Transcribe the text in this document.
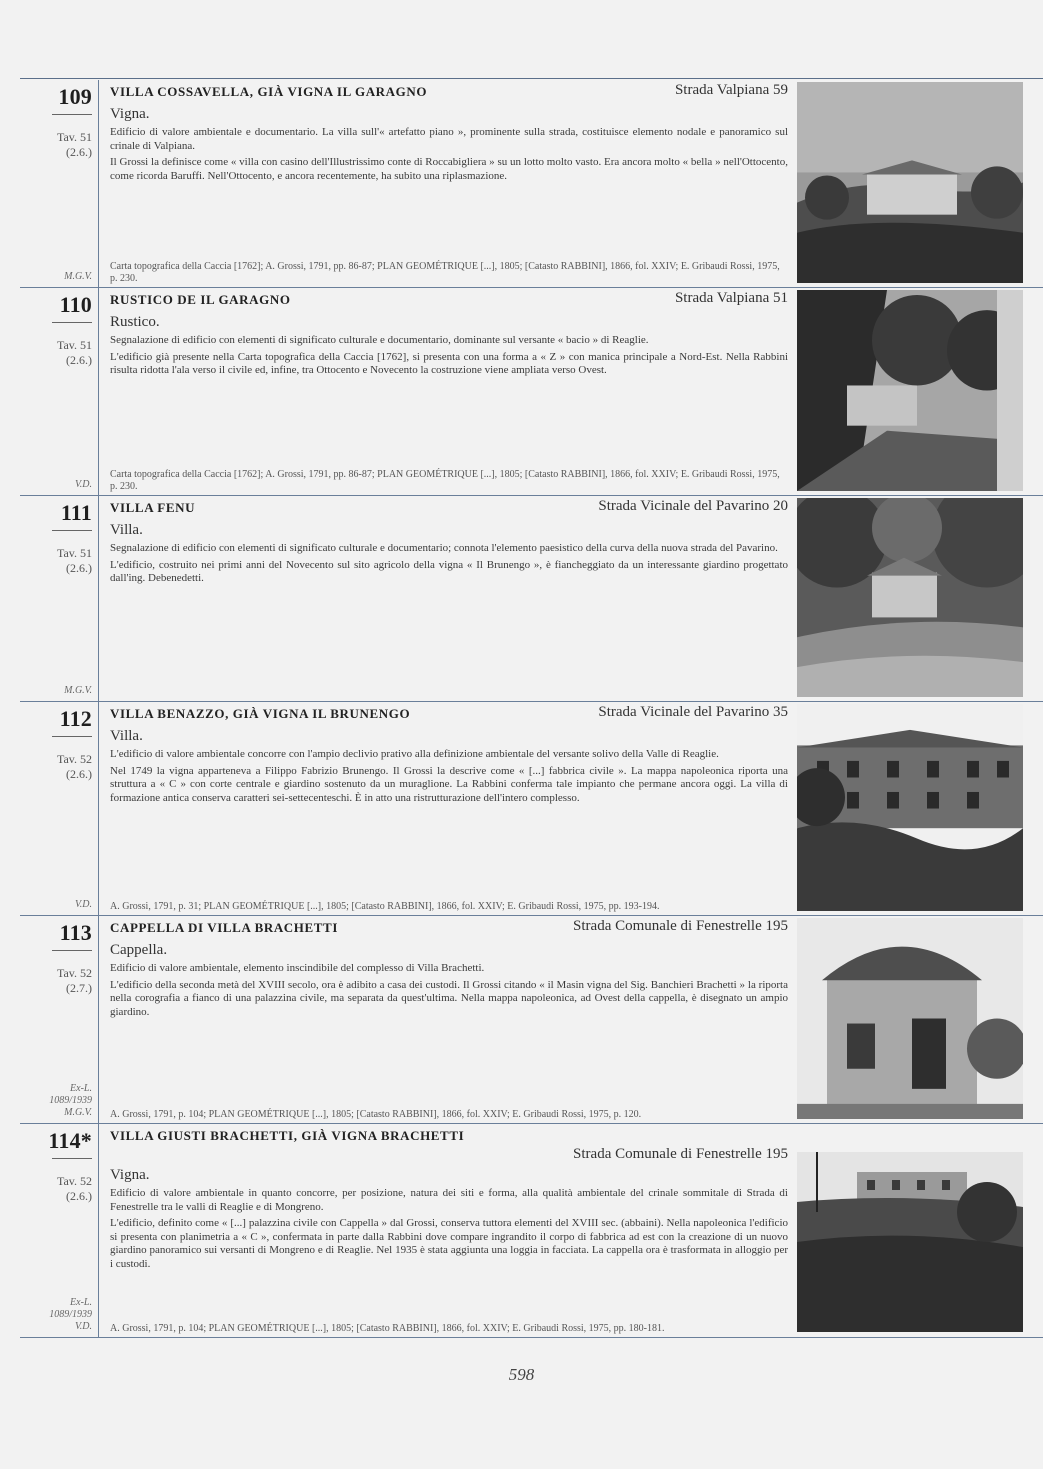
109
Tav. 51
(2.6.)
M.G.V.
VILLA COSSAVELLA, GIÀ VIGNA IL GARAGNO	Strada Valpiana 59
Vigna.

Edificio di valore ambientale e documentario. La villa sull'« artefatto piano », prominente sulla strada, costituisce elemento nodale e panoramico sul crinale di Valpiana.

Il Grossi la definisce come « villa con casino dell'Illustrissimo conte di Roccabigliera » su un lotto molto vasto. Era ancora molto « bella » nell'Ottocento, come ricorda Baruffi. Nell'Ottocento, e ancora recentemente, ha subito una riplasmazione.

Carta topografica della Caccia [1762]; A. Grossi, 1791, pp. 86-87; PLAN GEOMÉTRIQUE [...], 1805; [Catasto RABBINI], 1866, fol. XXIV; E. Gribaudi Rossi, 1975, p. 230.
110
Tav. 51
(2.6.)
V.D.
RUSTICO DE IL GARAGNO	Strada Valpiana 51
Rustico.

Segnalazione di edificio con elementi di significato culturale e documentario, dominante sul versante « bacio » di Reaglie.

L'edificio già presente nella Carta topografica della Caccia [1762], si presenta con una forma a « Z » con manica principale a Nord-Est. Nella Rabbini risulta ridotta l'ala verso il civile ed, infine, tra Ottocento e Novecento la costruzione viene ampliata verso Ovest.

Carta topografica della Caccia [1762]; A. Grossi, 1791, pp. 86-87; PLAN GEOMÉTRIQUE [...], 1805; [Catasto RABBINI], 1866, fol. XXIV; E. Gribaudi Rossi, 1975, p. 230.
111
Tav. 51
(2.6.)
M.G.V.
VILLA FENU	Strada Vicinale del Pavarino 20
Villa.

Segnalazione di edificio con elementi di significato culturale e documentario; connota l'elemento paesistico della curva della nuova strada del Pavarino.

L'edificio, costruito nei primi anni del Novecento sul sito agricolo della vigna « Il Brunengo », è fiancheggiato da un interessante giardino progettato dall'ing. Debenedetti.

112
Tav. 52
(2.6.)
V.D.
VILLA BENAZZO, GIÀ VIGNA IL BRUNENGO	Strada Vicinale del Pavarino 35
Villa.

L'edificio di valore ambientale concorre con l'ampio declivio prativo alla definizione ambientale del versante solivo della Valle di Reaglie.

Nel 1749 la vigna apparteneva a Filippo Fabrizio Brunengo. Il Grossi la descrive come « [...] fabbrica civile ». La mappa napoleonica riporta una struttura a « C » con corte centrale e giardino sostenuto da un muraglione. La Rabbini conferma tale impianto che permane ancora oggi. La villa di formazione antica conserva caratteri sei-settecenteschi. È in atto una ristrutturazione dell'intero complesso.

A. Grossi, 1791, p. 31; PLAN GEOMÉTRIQUE [...], 1805; [Catasto RABBINI], 1866, fol. XXIV; E. Gribaudi Rossi, 1975, pp. 193-194.
113
Tav. 52
(2.7.)
Ex-L. 1089/1939 M.G.V.
CAPPELLA DI VILLA BRACHETTI	Strada Comunale di Fenestrelle 195
Cappella.

Edificio di valore ambientale, elemento inscindibile del complesso di Villa Brachetti.

L'edificio della seconda metà del XVIII secolo, ora è adibito a casa dei custodi. Il Grossi citando « il Masin vigna del Sig. Banchieri Brachetti » la riporta nella corografia a fianco di una palazzina civile, ma separata da quest'ultima. Nella mappa napoleonica, ad Ovest della cappella, è disegnato un ampio giardino.

A. Grossi, 1791, p. 104; PLAN GEOMÉTRIQUE [...], 1805; [Catasto RABBINI], 1866, fol. XXIV; E. Gribaudi Rossi, 1975, p. 120.
114*
Tav. 52
(2.6.)
Ex-L. 1089/1939 V.D.
VILLA GIUSTI BRACHETTI, GIÀ VIGNA BRACHETTI
Strada Comunale di Fenestrelle 195
Vigna.

Edificio di valore ambientale in quanto concorre, per posizione, natura dei siti e forma, alla qualità ambientale del crinale sommitale di Strada di Fenestrelle tra le valli di Reaglie e di Mongreno.

L'edificio, definito come « [...] palazzina civile con Cappella » dal Grossi, conserva tuttora elementi del XVIII sec. (abbaini). Nella napoleonica l'edificio si presenta con planimetria a « C », confermata in parte dalla Rabbini dove compare ingrandito il corpo di fabbrica ad est con la creazione di un nuovo giardino panoramico sui versanti di Mongreno e di Reaglie. Nel 1935 è stata aggiunta una loggia in facciata. La cappella ora è trasformata in alloggio per i custodi.

A. Grossi, 1791, p. 104; PLAN GEOMÉTRIQUE [...], 1805; [Catasto RABBINI], 1866, fol. XXIV; E. Gribaudi Rossi, 1975, pp. 180-181.
598
